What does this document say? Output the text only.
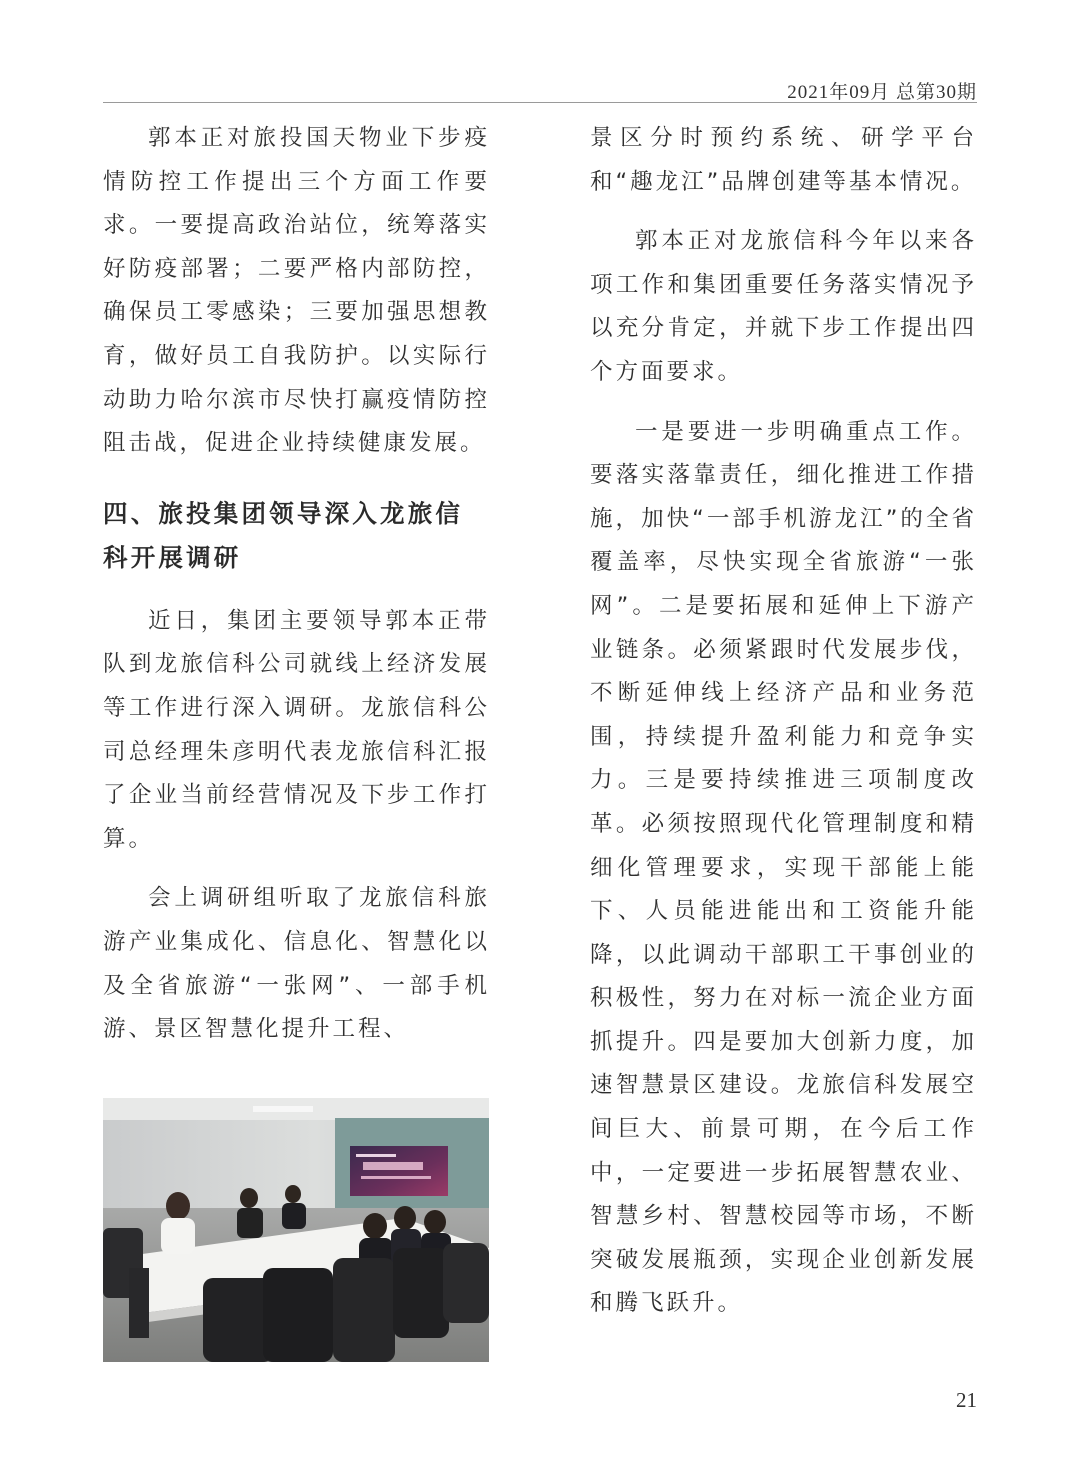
2021年09月 总第30期

郭本正对旅投国天物业下步疫情防控工作提出三个方面工作要求。一要提高政治站位，统筹落实好防疫部署；二要严格内部防控，确保员工零感染；三要加强思想教育，做好员工自我防护。以实际行动助力哈尔滨市尽快打赢疫情防控阻击战，促进企业持续健康发展。

四、旅投集团领导深入龙旅信科开展调研

近日，集团主要领导郭本正带队到龙旅信科公司就线上经济发展等工作进行深入调研。龙旅信科公司总经理朱彦明代表龙旅信科汇报了企业当前经营情况及下步工作打算。

会上调研组听取了龙旅信科旅游产业集成化、信息化、智慧化以及全省旅游“一张网”、一部手机游、景区智慧化提升工程、

景区分时预约系统、研学平台和“趣龙江”品牌创建等基本情况。

郭本正对龙旅信科今年以来各项工作和集团重要任务落实情况予以充分肯定，并就下步工作提出四个方面要求。

一是要进一步明确重点工作。要落实落靠责任，细化推进工作措施，加快“一部手机游龙江”的全省覆盖率，尽快实现全省旅游“一张网”。二是要拓展和延伸上下游产业链条。必须紧跟时代发展步伐，不断延伸线上经济产品和业务范围，持续提升盈利能力和竞争实力。三是要持续推进三项制度改革。必须按照现代化管理制度和精细化管理要求，实现干部能上能下、人员能进能出和工资能升能降，以此调动干部职工干事创业的积极性，努力在对标一流企业方面抓提升。四是要加大创新力度，加速智慧景区建设。龙旅信科发展空间巨大、前景可期，在今后工作中，一定要进一步拓展智慧农业、智慧乡村、智慧校园等市场，不断突破发展瓶颈，实现企业创新发展和腾飞跃升。

21
